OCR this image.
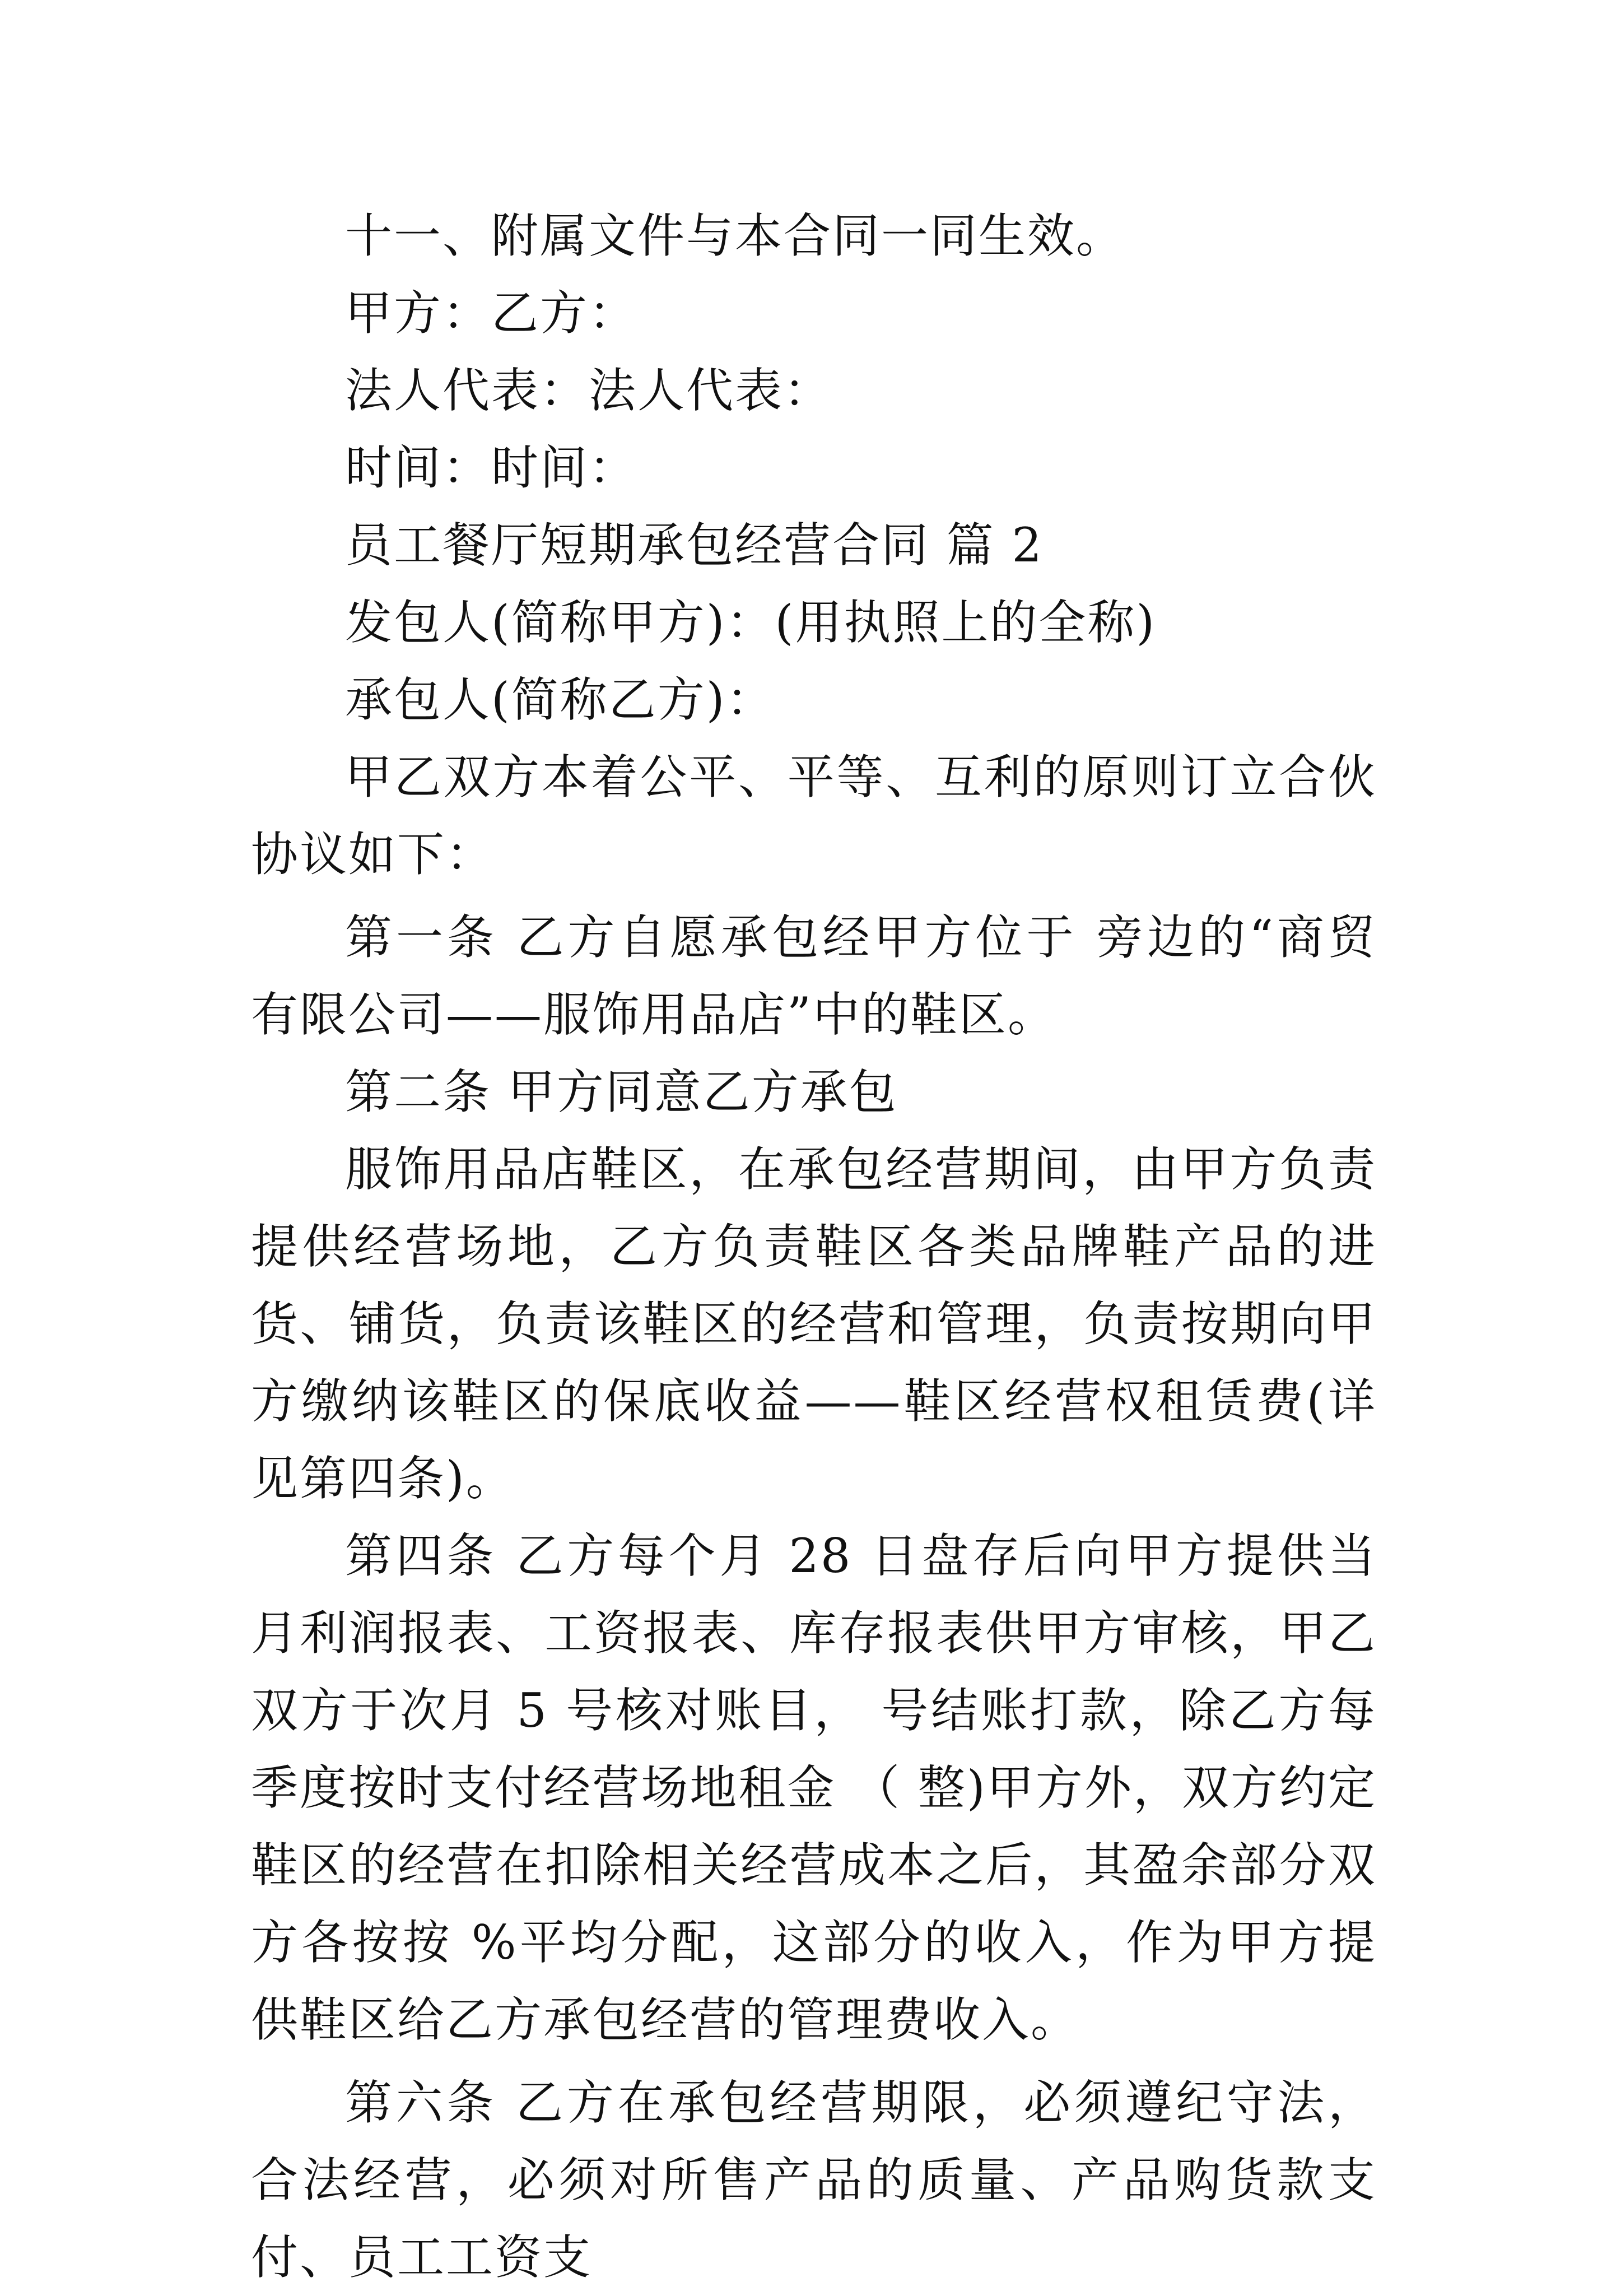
十一、附属文件与本合同一同生效。

甲方：乙方：

法人代表：法人代表：

时间：时间：

员工餐厅短期承包经营合同 篇 2

发包人(简称甲方)：(用执照上的全称)

承包人(简称乙方)：

甲乙双方本着公平、平等、互利的原则订立合伙协议如下：

第一条 乙方自愿承包经甲方位于 旁边的“商贸有限公司——服饰用品店”中的鞋区。

第二条 甲方同意乙方承包

服饰用品店鞋区，在承包经营期间，由甲方负责提供经营场地，乙方负责鞋区各类品牌鞋产品的进货、铺货，负责该鞋区的经营和管理，负责按期向甲方缴纳该鞋区的保底收益——鞋区经营权租赁费(详见第四条)。

第四条 乙方每个月 28 日盘存后向甲方提供当月利润报表、工资报表、库存报表供甲方审核，甲乙双方于次月 5 号核对账目， 号结账打款，除乙方每季度按时支付经营场地租金 （ 整)甲方外，双方约定鞋区的经营在扣除相关经营成本之后，其盈余部分双方各按按 %平均分配，这部分的收入，作为甲方提供鞋区给乙方承包经营的管理费收入。

第六条 乙方在承包经营期限，必须遵纪守法，合法经营，必须对所售产品的质量、产品购货款支付、员工工资支
